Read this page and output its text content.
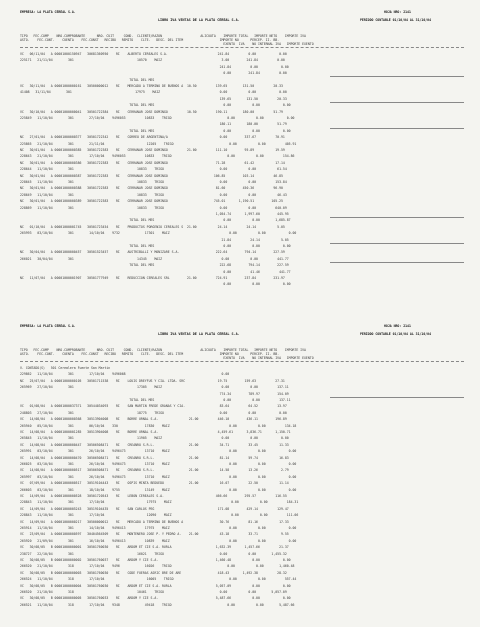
EMPRESA: LA PLATA CEREAL S.A.	HOJA NRO: 2141
LIBRO IVA VENTAS DE LA PLATA CEREAL S.A.	PERIODO CONTABLE 01/10/04 AL 31/10/04
TIPO   FEC.COMP    NRO.COMPROBANTE      NRO. CUIT     COND.  CLIENTE/RAZON                    ALICUOTA    IMPORTE TOTAL   IMPORTE NETO    IMPORTE IVA
ASTO.    FEC.CONT.    CUENTA    FEC.CONST   RECIBO   REMITO    CLTE.   DESC. DEL ITEM                   IMPORTE NO      PERCEP. II. BB.
EXENTO  IVA    NO INTERNAL IVA   IMPORTE EXENTO
VC   06/11/04   A 00001000150947   30681360950    RI    ALBERTO CEREALES S.A.                          241.84          0.00            0.00
225171   21/11/04        301                                 10570    MAIZ                               3.00         241.84          0.00
241.84          0.00            0.00
0.00         241.84          0.00
TOTAL DEL MES
VC   30/11/04   A 00001000000161   30500000012    RI    MERCADO A TERMINO DE BUENOS A  10.50          139.65        131.50          20.33
41408   31/11/04        301                                 17975    MAIZ                               0.00           0.00            0.00
139.65        131.50          20.33
TOTAL DEL MES                                    0.00           0.00            0.00
VC   30/10/04   A 00001000000041   30501722384    RI    CERRANAR JOSE DOMINGO          10.50          190.11        180.00          51.79
225849   11/10/04        301        27/10/04    9496053          10833    TRIGO                             0.00           0.00            0.00
180.11        180.00          51.79
TOTAL DEL MES                                    0.00           0.00            0.00
NC   27/01/04   A 00001000000377   30501722342    RI    CORREO DE ARGENTINA/A                           0.00         337.67          70.91
225865   21/10/04        301        21/11/04                      12205    TRIGO                             0.00           0.00          405.91
NC   30/01/04   A 00001000000385   30501722383    RI    CERRANAR JOSE DOMINGO          21.00          111.10         95.89           19.59
228643   21/10/04        301        17/10/04    9496053          10833    TRIGO                             0.00           0.00          154.86
NC   30/01/04   A 00001000000386   30501722383    RI    CERRANAR JOSE DOMINGO                         71.28          61.42           17.14
228644   11/10/04        301                                 10833    TRIGO                             0.00           0.00           61.54
NC   30/01/04   A 00001000000387   30501722383    RI    CERRANAR JOSE DOMINGO                        106.85         103.14          46.85
228645   11/10/04        301                                 10833    TRIGO                             0.00           0.00          153.84
NC   30/01/04   A 00001000000388   30501722383    RI    CERRANAR JOSE DOMINGO                         81.60         450.36          96.90
228649   11/10/04        301                                 10833    TRIGO                             0.00           0.00           46.43
NC   30/01/04   A 00001000000389   30501722383    RI    CERRANAR JOSE DOMINGO                        745.01       1,190.51         105.25
228869   11/10/04        301                                 10833    TRIGO                             0.00           0.00          640.09
1,054.74       1,997.60         445.95
TOTAL DEL MES                                    0.00           0.00        1,685.87
NC   01/10/04   A 00001000001745   30501723454    RI    PRODUCTOS PORGENIO CEREALES S  21.00           24.14          24.14           5.05
265993   03/10/04        301        14/10/04    9732             17301    MAIZ                               0.00           0.00            0.00
21.84          24.14           5.05
TOTAL DEL MES                                    0.00           0.00            0.00
NC   30/04/04   A 00001000000457   30501523457    RI    AUSTRIBALLI Y MONIZARE S.A.                   222.64         794.14         227.59
266021   30/04/04        301                                 14345    MAIZ                               0.00           0.00          441.77
TOTAL DEL MES                                  222.68         794.14         227.59
0.00          41.46          441.77
NC   11/07/04   A 00001000001907   30501777949    RI    REDUCCION CEREALES SRL         21.00          724.91         237.84         231.97
0.00           0.00            0.00
EMPRESA: LA PLATA CEREAL S.A.	HOJA NRO: 2141
LIBRO IVA VENTAS DE LA PLATA CEREAL S.A.	PERIODO CONTABLE 01/10/04 AL 31/10/04
TIPO   FEC.COMP    NRO.COMPROBANTE      NRO. CUIT     COND.  CLIENTE/RAZON                    ALICUOTA    IMPORTE TOTAL   IMPORTE NETO    IMPORTE IVA
ASTO.    FEC.CONT.    CUENTA    FEC.CONST   RECIBO   REMITO    CLTE.   DESC. DEL ITEM                   IMPORTE NO      PERCEP. II. BB.
EXENTO  IVA    NO INTERNAL IVA   IMPORTE EXENTO
V. CONTADO(S)   501 Cerealera Fuente San Martin
229862   11/10/04        301        17/10/04    9496068                                                  0.00
NC   25/07/04   A 00001000000105   30501711538    RI    LOUIS DREYFUS Y CIA. LTDA. SRC                 19.75         159.63          27.31
265969   27/10/04        301                                 17305    MAIZ                               0.00           0.00          137.11
774.34         789.97         154.09
TOTAL DEL MES                                    0.00           0.00          137.11
VC   01/08/04   A 00001000037371   30544034093    RI    SAN MARTIN FREDE GRANAS Y CIA.                  83.64          64.52          13.97
248803   27/10/04        301                                 18775    TRIGO                             0.00           0.00            0.00
VC   14/08/04   A 00001000000368   30513904008    RI    BORRE URNAL S.A.                21.00          446.10         436.11         196.89
265940   05/10/04        301        06/10/04    330              17830    MAIZ                               0.00           0.00          134.18
VC   14/08/04   A 00001000001285   30513904008    RI    BORRE URNAL S.A.                               4,459.61       3,836.71       1,150.71
265845   11/10/04        301                                 11905    MAIZ                               0.00           0.00            0.00
VC   14/08/04   A 00001000000447   30506508471    RI    CREANRO S.R.L.                  21.00           34.71          33.45           11.33
265991   03/10/04        301        26/10/04    9496473          13710    MAIZ                               0.00           0.00            0.00
VC   14/08/04   A 00001000000470   30506508471    RI    CREANRO S.R.L.                  21.00           81.14          59.74           16.83
266025   03/10/04        301        26/10/04    9496473          13710    MAIZ                               0.00           0.00            0.00
VC   14/08/04   A 00001000000517   30506508471    RI    CREANRO S.R.L.                  21.00           14.58          13.26            2.79
265997   03/10/04        301        26/10/04    9496473          13710    MAIZ                               0.00           0.00            0.00
VC   07/09/04   A 00001000000517   30519104443    RI    OSPIS MINTA BEDUEDO             21.00           16.07          22.50           11.14
266603   03/10/04        301        18/10/04    9755             13149    MAIZ                               0.00           0.00            0.00
VC   14/09/04   A 00001000000528   30501720543    RI    LEBON CEREALES S.A.                           466.66         295.57          116.55
228843   11/10/04        301        17/10/04                      17975    MAIZ                               0.00           0.00          184.31
VC   14/09/04   A 00001000005243   30519104435    RI    SAN CARLOS PEG                                 171.08         429.14          129.47
228843   11/10/04        301        17/10/04                      12090    MAIZ                               0.00           0.00          111.06
VC   14/09/04   A 00001000000217   30500000012    RI    MERCADO A TERMINO DE BUENOS A                   30.76          81.16           17.33
265914   11/10/04        301        14/10/04    9496413          17975    MAIZ                               0.00           0.00            0.00
VC   23/09/04   A 00001000000597   30404564509    RI    MONTENERO JOSE P. Y PEDRO A.    21.00           43.18          33.71            9.55
265920   21/09/04        301        16/10/04    9496413          10839    MAIZ                               0.00           0.00            0.00
VC   30/08/05   B 00001000000001   30501760030    RI    ARDOM ET CIE S.A. RURLA                       1,632.39       1,457.66          21.37
238727   22/10/04        301                                 16021    TRIGO                             0.00           0.00        1,455.32
VC   30/08/05   B 00001000000002   30501760037    RI    ARDOM Y CIE S.A.                              1,460.48           0.00            0.00
266520   21/10/04        318        17/10/04    9496             16026    TRIGO                             0.00           0.00        1,460.48
VC   30/08/05   B 00001000000003   30501760030    RI    CODE FUERAS ASRIC BRE DE ARE                   418.43       1,492.38          28.32
266524   11/10/04        318        17/10/04                      16005    TRIGO                             0.00           0.00          557.44
VC   30/08/05   B 00001000000004   30501760030    RI    ARDOM ET CIE S.A. RURLA                       5,057.09           0.00            0.00
266520   21/10/04        318                                 10461    TRIGO                             0.00           0.00        5,057.09
VC   30/08/05   B 00001000000005   30501760033    RI    ARDOM Y CIE S.A.                              5,487.66           0.00            0.00
266521   11/10/04        318        17/10/04    9348             49418    TRIGO                             0.00           0.00        5,487.66
